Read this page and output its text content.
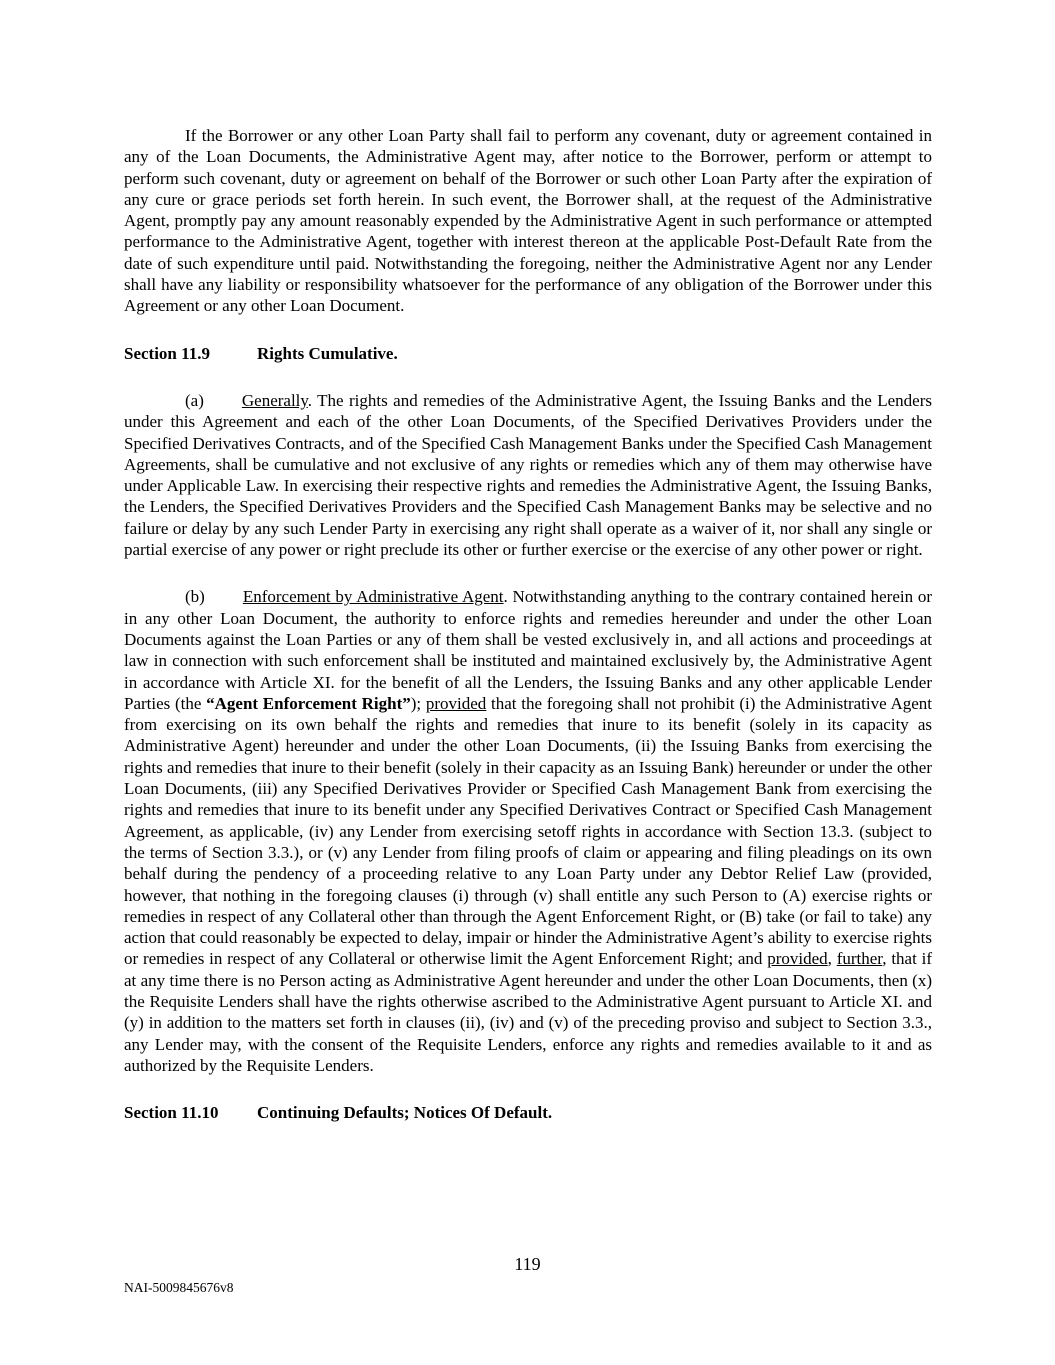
If the Borrower or any other Loan Party shall fail to perform any covenant, duty or agreement contained in any of the Loan Documents, the Administrative Agent may, after notice to the Borrower, perform or attempt to perform such covenant, duty or agreement on behalf of the Borrower or such other Loan Party after the expiration of any cure or grace periods set forth herein. In such event, the Borrower shall, at the request of the Administrative Agent, promptly pay any amount reasonably expended by the Administrative Agent in such performance or attempted performance to the Administrative Agent, together with interest thereon at the applicable Post-Default Rate from the date of such expenditure until paid. Notwithstanding the foregoing, neither the Administrative Agent nor any Lender shall have any liability or responsibility whatsoever for the performance of any obligation of the Borrower under this Agreement or any other Loan Document.

Section 11.9	Rights Cumulative.

(a) Generally. The rights and remedies of the Administrative Agent, the Issuing Banks and the Lenders under this Agreement and each of the other Loan Documents, of the Specified Derivatives Providers under the Specified Derivatives Contracts, and of the Specified Cash Management Banks under the Specified Cash Management Agreements, shall be cumulative and not exclusive of any rights or remedies which any of them may otherwise have under Applicable Law. In exercising their respective rights and remedies the Administrative Agent, the Issuing Banks, the Lenders, the Specified Derivatives Providers and the Specified Cash Management Banks may be selective and no failure or delay by any such Lender Party in exercising any right shall operate as a waiver of it, nor shall any single or partial exercise of any power or right preclude its other or further exercise or the exercise of any other power or right.

(b) Enforcement by Administrative Agent. Notwithstanding anything to the contrary contained herein or in any other Loan Document, the authority to enforce rights and remedies hereunder and under the other Loan Documents against the Loan Parties or any of them shall be vested exclusively in, and all actions and proceedings at law in connection with such enforcement shall be instituted and maintained exclusively by, the Administrative Agent in accordance with Article XI. for the benefit of all the Lenders, the Issuing Banks and any other applicable Lender Parties (the “Agent Enforcement Right”); provided that the foregoing shall not prohibit (i) the Administrative Agent from exercising on its own behalf the rights and remedies that inure to its benefit (solely in its capacity as Administrative Agent) hereunder and under the other Loan Documents, (ii) the Issuing Banks from exercising the rights and remedies that inure to their benefit (solely in their capacity as an Issuing Bank) hereunder or under the other Loan Documents, (iii) any Specified Derivatives Provider or Specified Cash Management Bank from exercising the rights and remedies that inure to its benefit under any Specified Derivatives Contract or Specified Cash Management Agreement, as applicable, (iv) any Lender from exercising setoff rights in accordance with Section 13.3. (subject to the terms of Section 3.3.), or (v) any Lender from filing proofs of claim or appearing and filing pleadings on its own behalf during the pendency of a proceeding relative to any Loan Party under any Debtor Relief Law (provided, however, that nothing in the foregoing clauses (i) through (v) shall entitle any such Person to (A) exercise rights or remedies in respect of any Collateral other than through the Agent Enforcement Right, or (B) take (or fail to take) any action that could reasonably be expected to delay, impair or hinder the Administrative Agent’s ability to exercise rights or remedies in respect of any Collateral or otherwise limit the Agent Enforcement Right; and provided, further, that if at any time there is no Person acting as Administrative Agent hereunder and under the other Loan Documents, then (x) the Requisite Lenders shall have the rights otherwise ascribed to the Administrative Agent pursuant to Article XI. and (y) in addition to the matters set forth in clauses (ii), (iv) and (v) of the preceding proviso and subject to Section 3.3., any Lender may, with the consent of the Requisite Lenders, enforce any rights and remedies available to it and as authorized by the Requisite Lenders.

Section 11.10 Continuing Defaults; Notices Of Default.
119
NAI-5009845676v8
